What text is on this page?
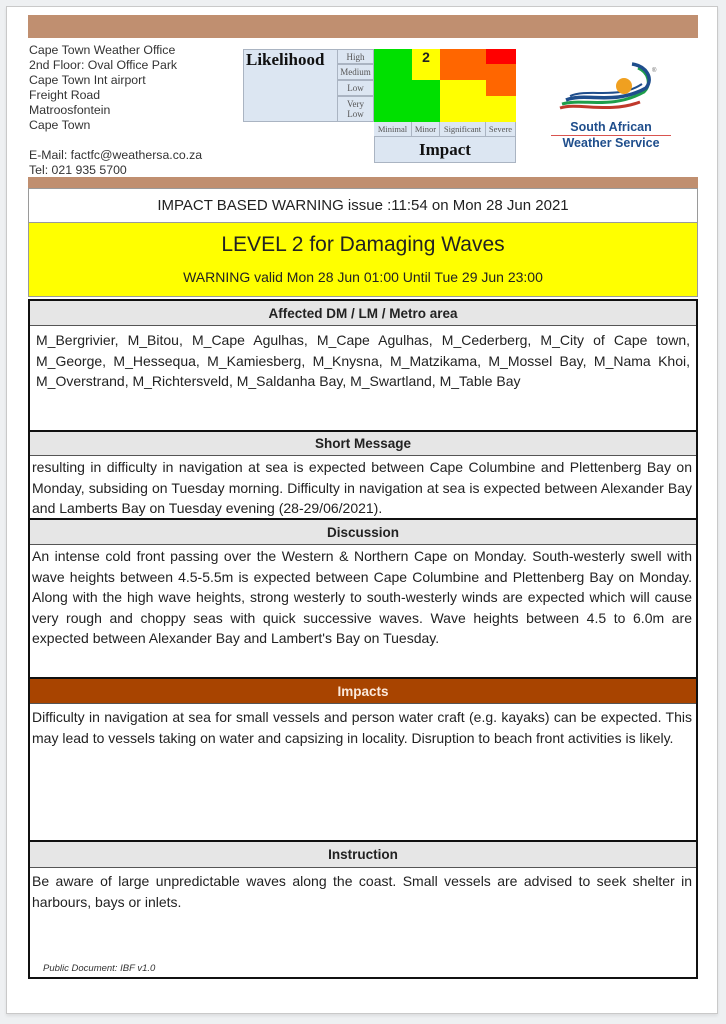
Cape Town Weather Office
2nd Floor: Oval Office Park
Cape Town Int airport
Freight Road
Matroosfontein
Cape Town
E-Mail: factfc@weathersa.co.za
Tel: 021 935 5700
Likelihood	High
Medium
Low
Very Low
2
Minimal Minor Significant Severe
Impact
®
South African
Weather Service
IMPACT BASED WARNING issue :11:54 on Mon 28 Jun 2021
LEVEL 2 for Damaging Waves
WARNING valid Mon 28 Jun 01:00 Until Tue 29 Jun 23:00
Affected DM / LM / Metro area
M_Bergrivier, M_Bitou, M_Cape Agulhas, M_Cape Agulhas, M_Cederberg, M_City of Cape town, M_George, M_Hessequa, M_Kamiesberg, M_Knysna, M_Matzikama, M_Mossel Bay, M_Nama Khoi, M_Overstrand, M_Richtersveld, M_Saldanha Bay, M_Swartland, M_Table Bay
Short Message
resulting in difficulty in navigation at sea is expected between Cape Columbine and Plettenberg Bay on Monday, subsiding on Tuesday morning. Difficulty in navigation at sea is expected between Alexander Bay and Lamberts Bay on Tuesday evening (28-29/06/2021).
Discussion
An intense cold front passing over the Western & Northern Cape on Monday. South-westerly swell with wave heights between 4.5-5.5m is expected between Cape Columbine and Plettenberg Bay on Monday. Along with the high wave heights, strong westerly to south-westerly winds are expected which will cause very rough and choppy seas with quick successive waves. Wave heights between 4.5 to 6.0m are expected between Alexander Bay and Lambert's Bay on Tuesday.
Impacts
Difficulty in navigation at sea for small vessels and person water craft (e.g. kayaks) can be expected. This may lead to vessels taking on water and capsizing in locality. Disruption to beach front activities is likely.
Instruction
Be aware of large unpredictable waves along the coast. Small vessels are advised to seek shelter in harbours, bays or inlets.
Public Document: IBF v1.0
